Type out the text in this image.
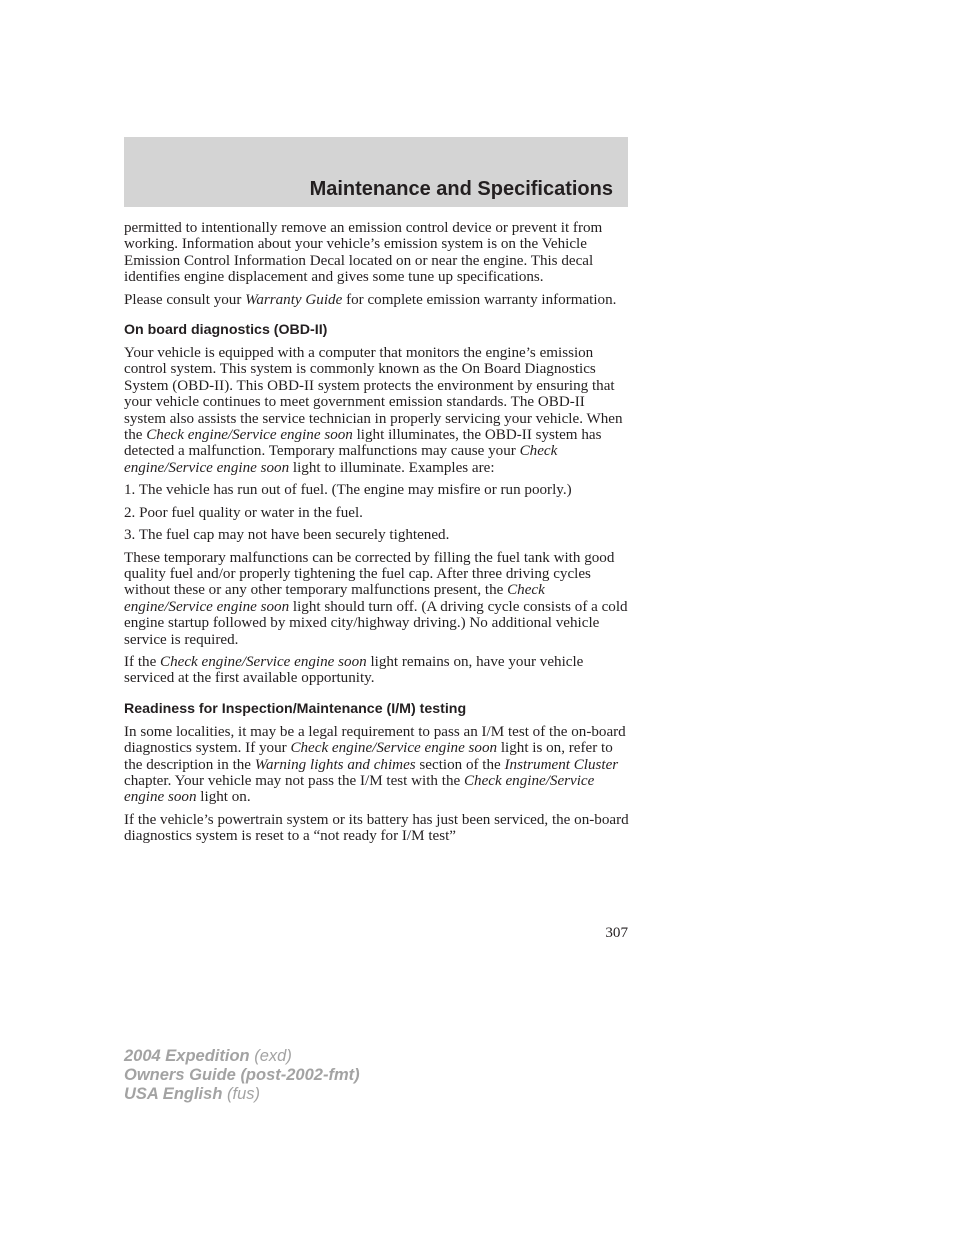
Maintenance and Specifications

permitted to intentionally remove an emission control device or prevent it from working. Information about your vehicle’s emission system is on the Vehicle Emission Control Information Decal located on or near the engine. This decal identifies engine displacement and gives some tune up specifications.

Please consult your Warranty Guide for complete emission warranty information.

On board diagnostics (OBD-II)

Your vehicle is equipped with a computer that monitors the engine’s emission control system. This system is commonly known as the On Board Diagnostics System (OBD-II). This OBD-II system protects the environment by ensuring that your vehicle continues to meet government emission standards. The OBD-II system also assists the service technician in properly servicing your vehicle. When the Check engine/Service engine soon light illuminates, the OBD-II system has detected a malfunction. Temporary malfunctions may cause your Check engine/Service engine soon light to illuminate. Examples are:

1. The vehicle has run out of fuel. (The engine may misfire or run poorly.)

2. Poor fuel quality or water in the fuel.

3. The fuel cap may not have been securely tightened.

These temporary malfunctions can be corrected by filling the fuel tank with good quality fuel and/or properly tightening the fuel cap. After three driving cycles without these or any other temporary malfunctions present, the Check engine/Service engine soon light should turn off. (A driving cycle consists of a cold engine startup followed by mixed city/highway driving.) No additional vehicle service is required.

If the Check engine/Service engine soon light remains on, have your vehicle serviced at the first available opportunity.

Readiness for Inspection/Maintenance (I/M) testing

In some localities, it may be a legal requirement to pass an I/M test of the on-board diagnostics system. If your Check engine/Service engine soon light is on, refer to the description in the Warning lights and chimes section of the Instrument Cluster chapter. Your vehicle may not pass the I/M test with the Check engine/Service engine soon light on.

If the vehicle’s powertrain system or its battery has just been serviced, the on-board diagnostics system is reset to a “not ready for I/M test”

307
2004 Expedition (exd)
Owners Guide (post-2002-fmt)
USA English (fus)
